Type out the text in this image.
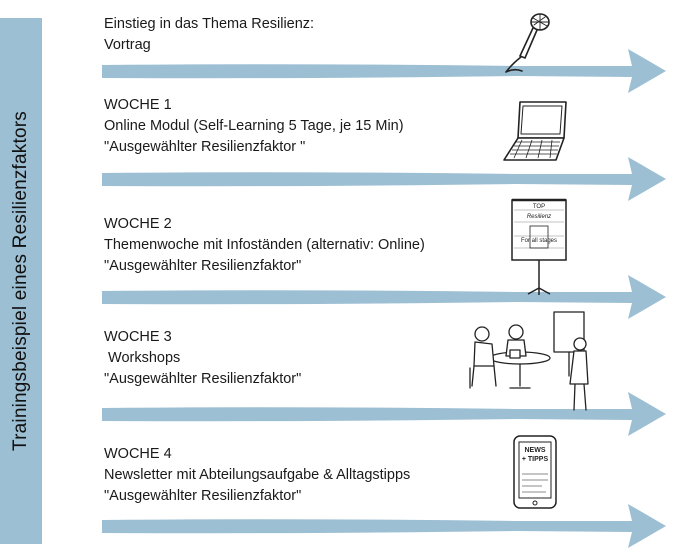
Trainingsbeispiel eines Resilienzfaktors
Einstieg in das Thema Resilienz:
Vortrag
WOCHE 1
Online Modul (Self-Learning 5 Tage, je 15 Min)
"Ausgewählter Resilienzfaktor "
WOCHE 2
Themenwoche mit Infoständen (alternativ: Online)
"Ausgewählter Resilienzfaktor"
TOP
Resilienz
For all stages
WOCHE 3
Workshops
"Ausgewählter Resilienzfaktor"
WOCHE 4
Newsletter mit Abteilungsaufgabe & Alltagstipps
"Ausgewählter Resilienzfaktor"
NEWS
+ TIPPS
